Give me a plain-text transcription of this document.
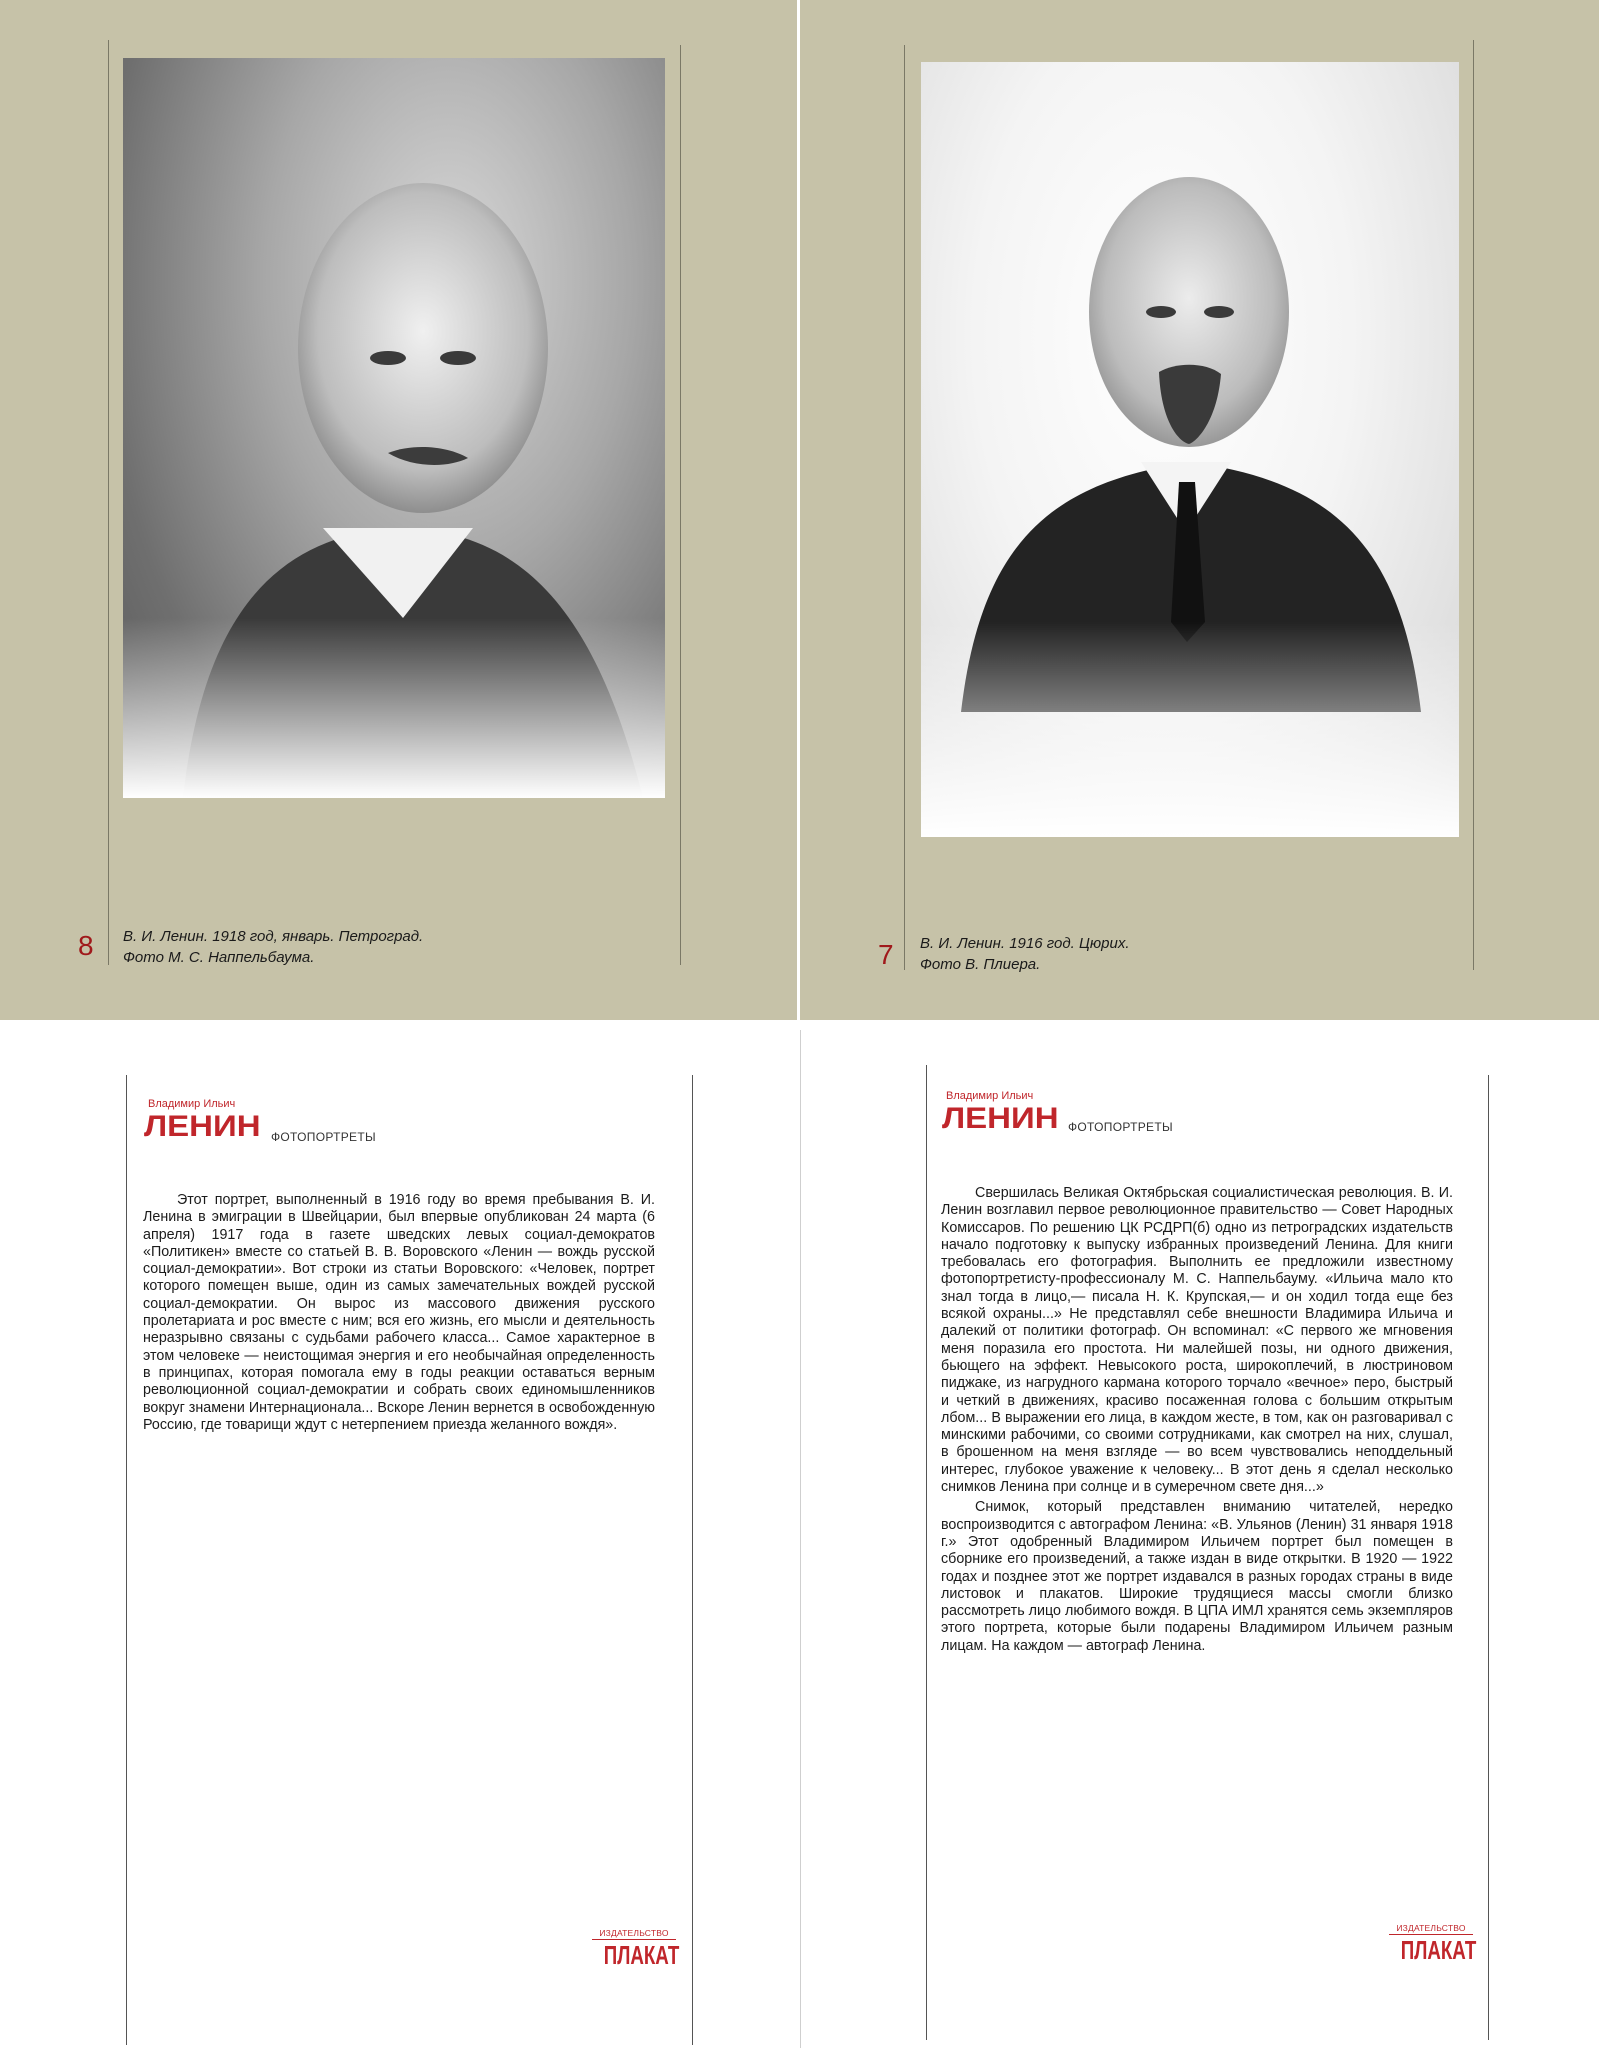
8 В. И. Ленин. 1918 год, январь. Петроград.
Фото М. С. Наппельбаума.	7 В. И. Ленин. 1916 год. Цюрих.
Фото В. Плиера.
Владимир Ильич
ЛЕНИН ФОТОПОРТРЕТЫ

Этот портрет, выполненный в 1916 году во время пребывания В. И. Ленина в эмиграции в Швейцарии, был впервые опубликован 24 марта (6 апреля) 1917 года в газете шведских левых социал-демократов «Политикен» вместе со статьей В. В. Воровского «Ленин — вождь русской социал-демократии». Вот строки из статьи Воровского: «Человек, портрет которого помещен выше, один из самых замечательных вождей русской социал-демократии. Он вырос из массового движения русского пролетариата и рос вместе с ним; вся его жизнь, его мысли и деятельность неразрывно связаны с судьбами рабочего класса... Самое характерное в этом человеке — неистощимая энергия и его необычайная определенность в принципах, которая помогала ему в годы реакции оставаться верным революционной социал-демократии и собрать своих единомышленников вокруг знамени Интернационала... Вскоре Ленин вернется в освобожденную Россию, где товарищи ждут с нетерпением приезда желанного вождя».

ИЗДАТЕЛЬСТВО
ПЛАКАТ
Владимир Ильич
ЛЕНИН ФОТОПОРТРЕТЫ

Свершилась Великая Октябрьская социалистическая революция. В. И. Ленин возглавил первое революционное правительство — Совет Народных Комиссаров. По решению ЦК РСДРП(б) одно из петроградских издательств начало подготовку к выпуску избранных произведений Ленина. Для книги требовалась его фотография. Выполнить ее предложили известному фотопортретисту-профессионалу М. С. Наппельбауму. «Ильича мало кто знал тогда в лицо,— писала Н. К. Крупская,— и он ходил тогда еще без всякой охраны...» Не представлял себе внешности Владимира Ильича и далекий от политики фотограф. Он вспоминал: «С первого же мгновения меня поразила его простота. Ни малейшей позы, ни одного движения, бьющего на эффект. Невысокого роста, широкоплечий, в люстриновом пиджаке, из нагрудного кармана которого торчало «вечное» перо, быстрый и четкий в движениях, красиво посаженная голова с большим открытым лбом... В выражении его лица, в каждом жесте, в том, как он разговаривал с минскими рабочими, со своими сотрудниками, как смотрел на них, слушал, в брошенном на меня взгляде — во всем чувствовались неподдельный интерес, глубокое уважение к человеку... В этот день я сделал несколько снимков Ленина при солнце и в сумеречном свете дня...»

Снимок, который представлен вниманию читателей, нередко воспроизводится с автографом Ленина: «В. Ульянов (Ленин) 31 января 1918 г.» Этот одобренный Владимиром Ильичем портрет был помещен в сборнике его произведений, а также издан в виде открытки. В 1920 — 1922 годах и позднее этот же портрет издавался в разных городах страны в виде листовок и плакатов. Широкие трудящиеся массы смогли близко рассмотреть лицо любимого вождя. В ЦПА ИМЛ хранятся семь экземпляров этого портрета, которые были подарены Владимиром Ильичем разным лицам. На каждом — автограф Ленина.

ИЗДАТЕЛЬСТВО
ПЛАКАТ
